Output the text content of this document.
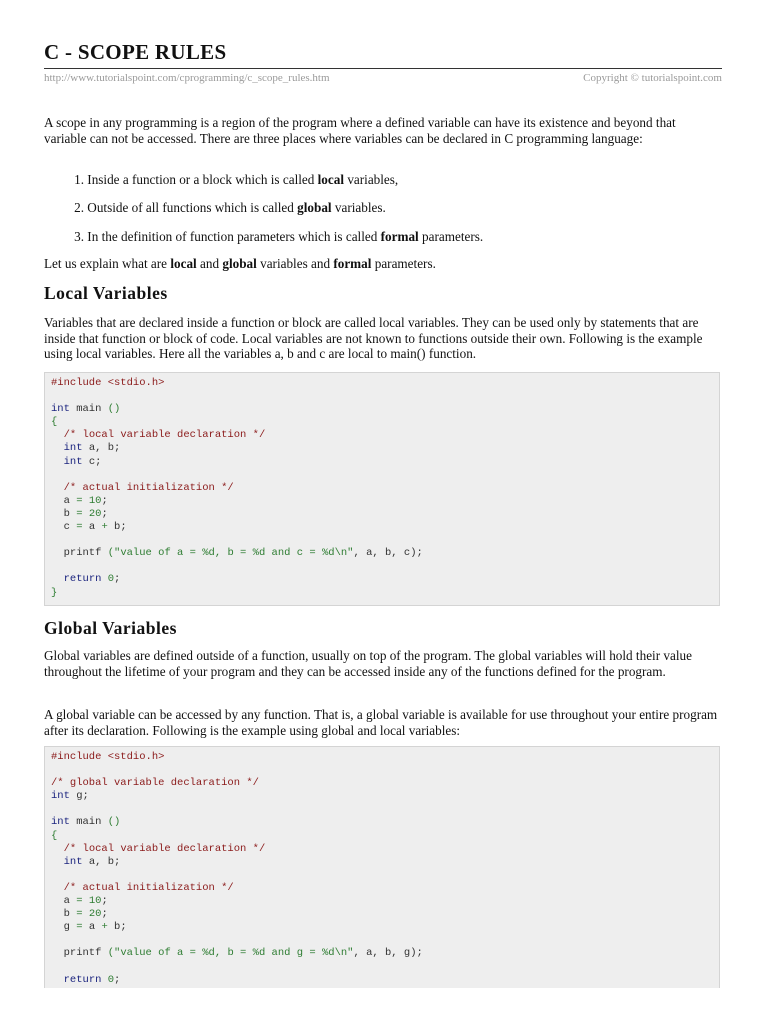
C - SCOPE RULES
http://www.tutorialspoint.com/cprogramming/c_scope_rules.htm	Copyright © tutorialspoint.com

A scope in any programming is a region of the program where a defined variable can have its existence and beyond that variable can not be accessed. There are three places where variables can be declared in C programming language:

1. Inside a function or a block which is called local variables,
2. Outside of all functions which is called global variables.
3. In the definition of function parameters which is called formal parameters.

Let us explain what are local and global variables and formal parameters.

Local Variables

Variables that are declared inside a function or block are called local variables. They can be used only by statements that are inside that function or block of code. Local variables are not known to functions outside their own. Following is the example using local variables. Here all the variables a, b and c are local to main() function.

#include <stdio.h>

int main ()
{
/* local variable declaration */
int a, b;
int c;

/* actual initialization */
a = 10;
b = 20;
c = a + b;

printf ("value of a = %d, b = %d and c = %d\n", a, b, c);

return 0;
}
Global Variables

Global variables are defined outside of a function, usually on top of the program. The global variables will hold their value throughout the lifetime of your program and they can be accessed inside any of the functions defined for the program.

A global variable can be accessed by any function. That is, a global variable is available for use throughout your entire program after its declaration. Following is the example using global and local variables:

#include <stdio.h>

/* global variable declaration */
int g;

int main ()
{
/* local variable declaration */
int a, b;

/* actual initialization */
a = 10;
b = 20;
g = a + b;

printf ("value of a = %d, b = %d and g = %d\n", a, b, g);

return 0;
